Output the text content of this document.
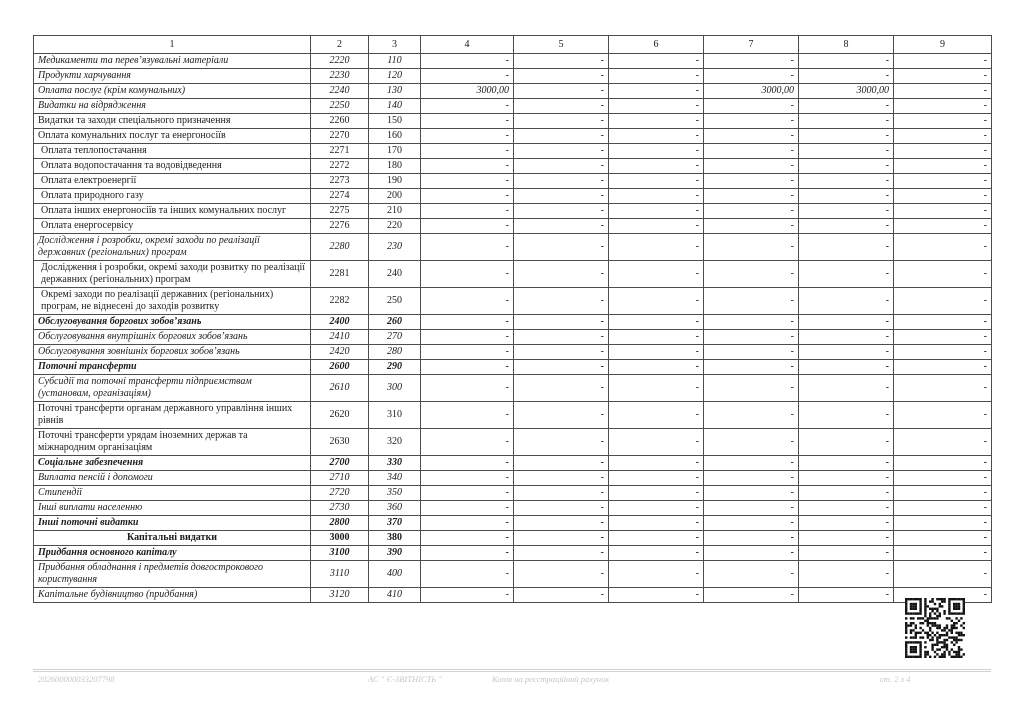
1	2	3	4	5	6	7	8	9
Медикаменти та перев’язувальні матеріали	2220	110	-	-	-	-	-	-
Продукти харчування	2230	120	-	-	-	-	-	-
Оплата послуг (крім комунальних)	2240	130	3000,00	-	-	3000,00	3000,00	-
Видатки на відрядження	2250	140	-	-	-	-	-	-
Видатки та заходи спеціального призначення	2260	150	-	-	-	-	-	-
Оплата комунальних послуг та енергоносіїв	2270	160	-	-	-	-	-	-
Оплата теплопостачання	2271	170	-	-	-	-	-	-
Оплата водопостачання та водовідведення	2272	180	-	-	-	-	-	-
Оплата електроенергії	2273	190	-	-	-	-	-	-
Оплата природного газу	2274	200	-	-	-	-	-	-
Оплата інших енергоносіїв та інших комунальних послуг	2275	210	-	-	-	-	-	-
Оплата енергосервісу	2276	220	-	-	-	-	-	-
Дослідження і розробки, окремі заходи по реалізації державних (регіональних) програм	2280	230	-	-	-	-	-	-
Дослідження і розробки, окремі заходи розвитку по реалізації державних (регіональних) програм	2281	240	-	-	-	-	-	-
Окремі заходи по реалізації державних (регіональних) програм, не віднесені до заходів розвитку	2282	250	-	-	-	-	-	-
Обслуговування боргових зобов’язань	2400	260	-	-	-	-	-	-
Обслуговування внутрішніх боргових зобов’язань	2410	270	-	-	-	-	-	-
Обслуговування зовнішніх боргових зобов’язань	2420	280	-	-	-	-	-	-
Поточні трансферти	2600	290	-	-	-	-	-	-
Субсидії та поточні трансферти підприємствам (установам, організаціям)	2610	300	-	-	-	-	-	-
Поточні трансферти органам державного управління інших рівнів	2620	310	-	-	-	-	-	-
Поточні трансферти урядам іноземних держав та міжнародним організаціям	2630	320	-	-	-	-	-	-
Соціальне забезпечення	2700	330	-	-	-	-	-	-
Виплата пенсій і допомоги	2710	340	-	-	-	-	-	-
Стипендії	2720	350	-	-	-	-	-	-
Інші виплати населенню	2730	360	-	-	-	-	-	-
Інші поточні видатки	2800	370	-	-	-	-	-	-
Капітальні видатки	3000	380	-	-	-	-	-	-
Придбання основного капіталу	3100	390	-	-	-	-	-	-
Придбання обладнання і предметів довгострокового користування	3110	400	-	-	-	-	-	-
Капітальне будівництво (придбання)	3120	410	-	-	-	-	-	-
202600000033207798	АС " Є-ЗВІТНІСТЬ "	Копія на реєстраційний рахунок	ст. 2 з 4
